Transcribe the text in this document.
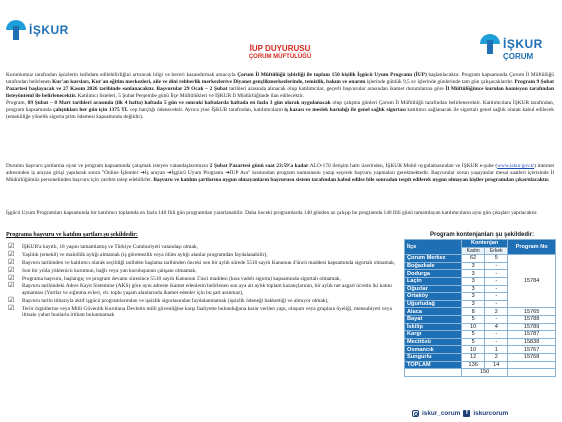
İŞKUR
İŞKUR
ÇORUM
İUP DUYURUSU
ÇORUM MÜFTÜLÜĞÜ
Kurumumuz tarafından işsizlerin istihdam edilebilirliğini artıracak bilgi ve beceri kazandırmak amacıyla Çorum İl Müftülüğü işbirliği ile toplam 150 kişilik İşgücü Uyum Programı (İUP) başlatılacaktır. Program kapsamında Çorum İl Müftülüğü tarafından belirlenen Kur'an kursları, Kur'an eğitim merkezleri, aile ve dini rehberlik merkezlerive Diyanet gençlikmerkezlerinde, temizlik, bakım ve onarım işlerinde günlük 9,5 av işlerinde günlerinde tam gün çalışacaklardır. Program 9 Şubat Pazartesi başlayacak ve 27 Kasım 2026 tarihinde sonlanacaktır. Başvurular 29 Ocak – 2 Şubat tarihleri arasında alınacak olup katılımcılar, geçerli başvurular arasından ikamet durumlarına göre İl Müftülüğünce kurulan komisyon tarafından listeyönteml ile belirlenecektir. Katılımcı listeleri, 5 Şubat Perşembe günü İlçe Müftülükleri ve İŞKUR İl Müdürlüğünde ilan edilecektir.
Program, 09 Şubat – 8 Mart tarihleri arasında (ilk 4 hafta) haftada 5 gün ve sonraki haftalarda haftada en fazla 3 gün olarak uygulanacak olup çalışma günleri Çorum İl Müftülüğü tarafından belirlenecektir. Katılımcılara İŞKUR tarafından, program kapsamında çalıştıkları her gün için 1375 TL cep harçlığı ödenecektir. Ayrıca yine İŞKUR tarafından, katılımcıların iş kazası ve meslek hastalığı ile genel sağlık sigortası katılımcı sağlanacak ile sigortalı genel sağlık olarak kabul edilecek (emekliliğe yönelik sigorta prim ödemesi kapsamında değildir).
Durumu başvuru şartlarına uyan ve program kapsamında çalışmak isteyen vatandaşlarımızın 2 Şubat Pazartesi günü saat 23:59'a kadar ALO-170 iletişim hattı üzerinden, İŞKUR Mobil uygulamasından ve İŞKUR e-şube (www.iskur.gov.tr) internet adresinden iş arayan girişi yapılarak sonra "Online İşlemler ➔İş arayan ➔İşgücü Uyum Programı ➔İUP Ara" kısmından program numarasını yazıp seçerek başvuru yapmaları gerekmektedir. Başvurular sorun yaşayanlar mesai saatleri içerisinde İl Müdürlüğümüz personelinden başvuru için yardım talep edebilirler. Başvuru ve katılım şartlarına uygun olmayanların başvurusu sistem tarafından kabul edilse bile sonradan tespit edilerek uygun olmayan kişiler programdan çıkartılacaktır.
İşgücü Uyum Programları kapsamında bir katılımcı toplamda en fazla 140 fiili gün programdan yararlanabilir. Daha önceki programlarda 140 günden az çalışıp bu programda 140 fiili günü tamamlayan katılımcıların aynı gün çıkışları yapılacaktır.
Programa başvuru ve katılım şartları şu şekildedir:
☑ İŞKUR'a kayıtlı, 18 yaşını tamamlamış ve Türkiye Cumhuriyeti vatandaşı olmak,
☑ Yaşlılık (emekli) ve malullük aylığı almamak (iş göremezlik veya ölüm aylığı alanlar programdan faydalanabilir),
☑ Başvuru tarihinden ve katılımcı olarak seçildiği tarihden başlama tarihinden önceki son bir aylık sürede 5510 sayılı Kanunun 4'üncü maddesi kapsamında sigortalı olmamak,
☑ Son bir yılda yükleniciı kurumun, bağlı veya yan kuruluşunun çalışanı olmamak,
☑ Programa başvuru, başlangıç ve program devamı süresince 5510 sayılı Kanunun 5'inci maddesi (kısa vadeli sigorta) kapsamında sigortalı olmamak,
☑ Başvuru tarihindeki Adres Kayıt Sistemine (AKS) göre aynı adreste ikamet edenlerin belirlenen son aya ait aylık toplam kazançlarının, bir aylık net asgari ücretin iki katını aşmaması (Yurtlar ve sığınma evleri, vb. toplu yaşam alanlarında ikamet edenler için bu şart aranmaz),
☑ Başvuru tarihi itibarıyla aktif işgücü programlarından ve işsizlik sigortasından faydalanmamak (işsizlik ödeneği hakkettiği ve almıyor olmak),
☑ Terör örgütlerine veya Milli Güvenlik Kuruluna Devletin milli güvenliğine karşı faaliyette bulunduğuna karar verilen yapı, oluşum veya gruplara üyeliği, mensubiyeti veya iltisakı yahut bunlarla irtibatı bulunmamak
Program kontenjanları şu şekildedir:
İlçe	Kontenjan		Program No
	Kadın	Erkek	
Çorum Merkez	62	5	15784
Boğazkale	3	-	
Dodurga	3	-	
Laçin	3	-	
Oğuzlar	3	-	
Ortaköy	3	-	
Uğurludağ	3	-	
Alaca	8	2	15765
Bayat	5	-	15788
İskilip	10	4	15789
Kargı	5	-	15787
Mecitözü	5	-	15838
Osmancık	10	1	15767
Sungurlu	12	2	15768
TOPLAM	136	14	
	150		
iskur_corum f iskurcorum
